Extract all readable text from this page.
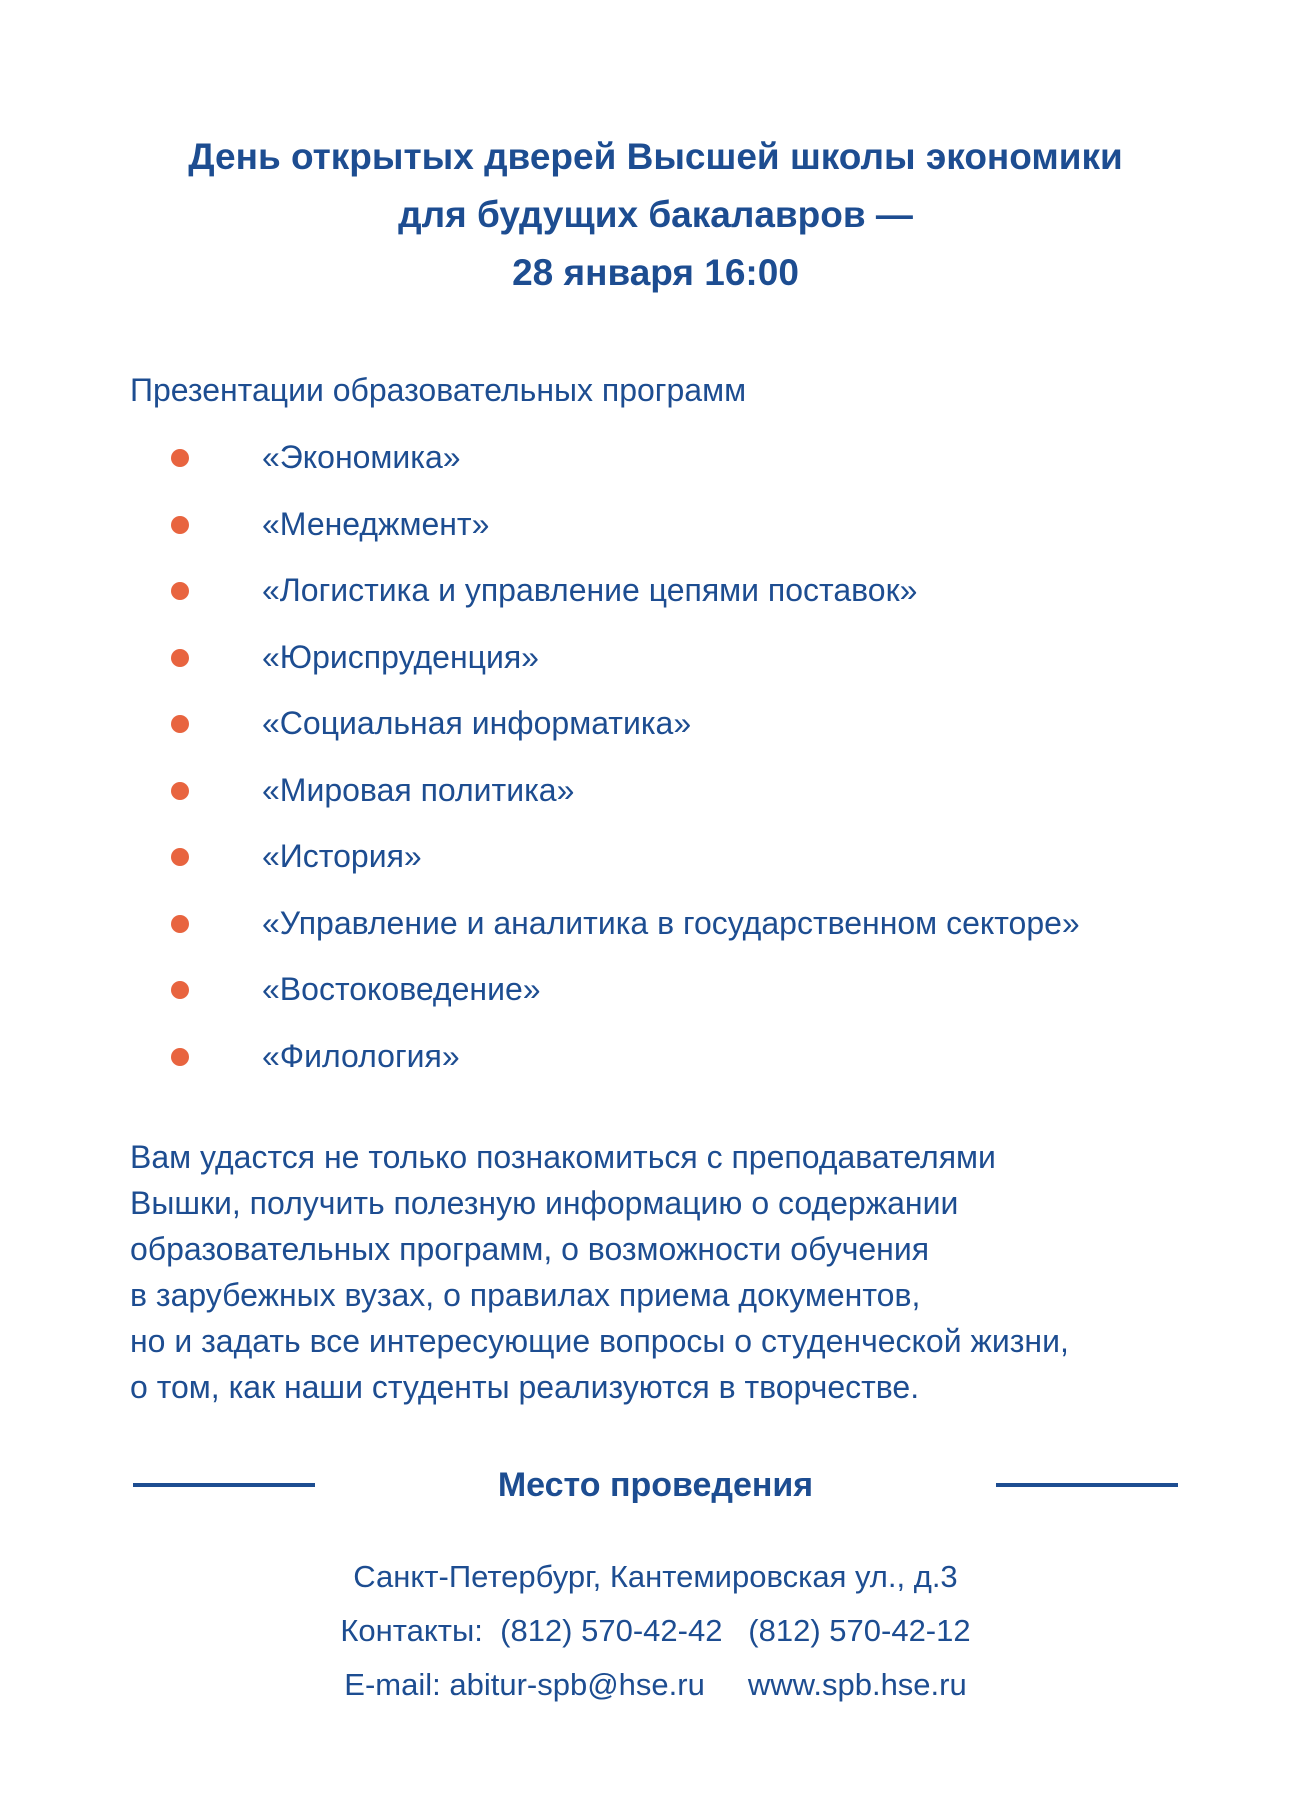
День открытых дверей Высшей школы экономики
для будущих бакалавров —
28 января 16:00
Презентации образовательных программ
«Экономика»
«Менеджмент»
«Логистика и управление цепями поставок»
«Юриспруденция»
«Социальная информатика»
«Мировая политика»
«История»
«Управление и аналитика в государственном секторе»
«Востоковедение»
«Филология»
Вам удастся не только познакомиться с преподавателями
Вышки, получить полезную информацию о содержании
образовательных программ, о возможности обучения
в зарубежных вузах, о правилах приема документов,
но и задать все интересующие вопросы о студенческой жизни,
о том, как наши студенты реализуются в творчестве.
Место проведения
Санкт-Петербург, Кантемировская ул., д.3
Контакты: (812) 570-42-42 (812) 570-42-12
E-mail: abitur-spb@hse.ru www.spb.hse.ru
